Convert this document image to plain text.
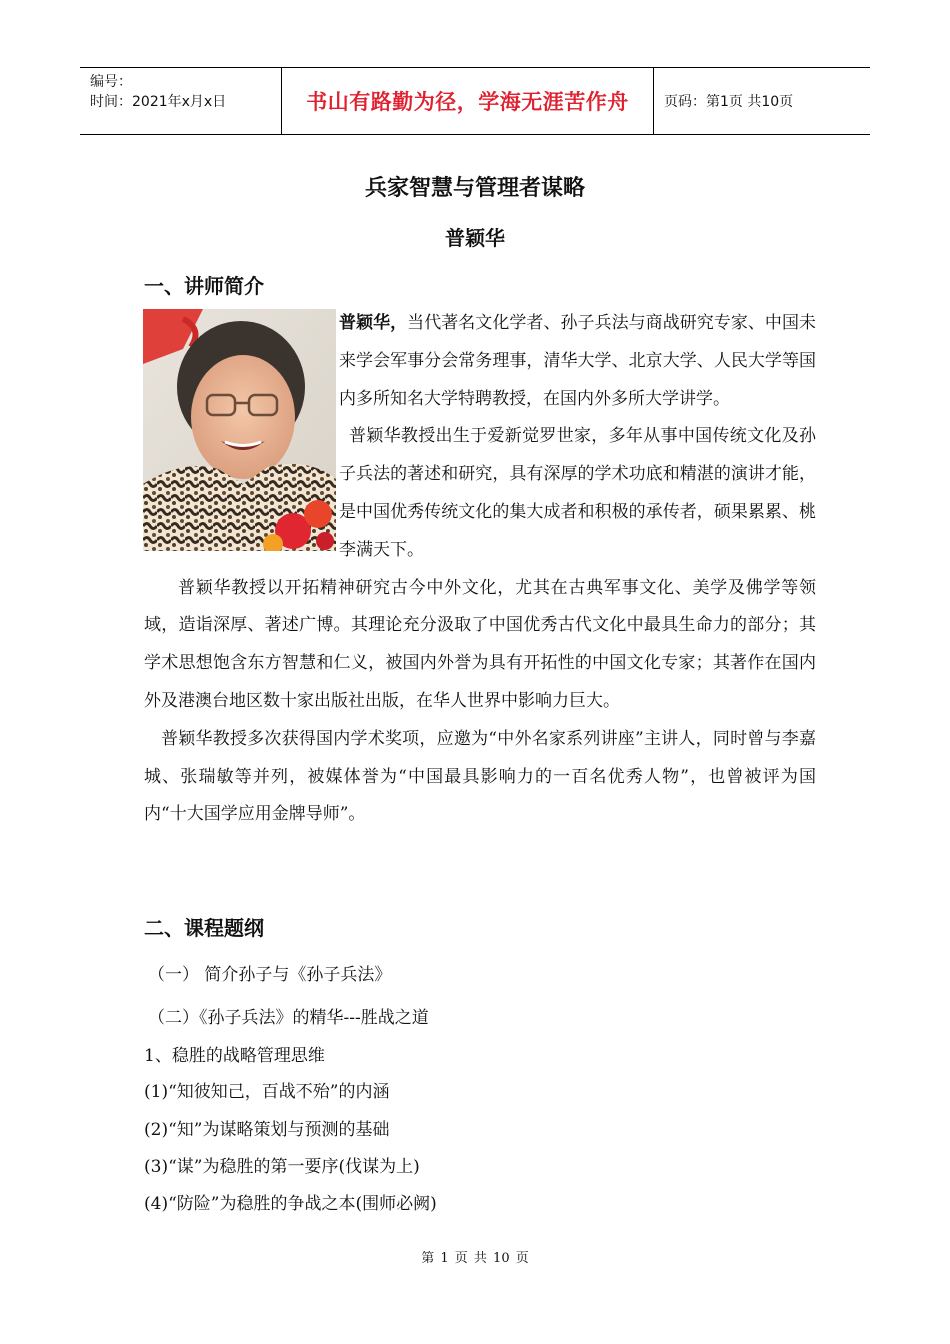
编号：
时间：2021年x月x日	书山有路勤为径，学海无涯苦作舟	页码：第1页 共10页
兵家智慧与管理者谋略
普颖华
一、讲师简介

普颖华，当代著名文化学者、孙子兵法与商战研究专家、中国未来学会军事分会常务理事，清华大学、北京大学、人民大学等国内多所知名大学特聘教授，在国内外多所大学讲学。

普颖华教授出生于爱新觉罗世家，多年从事中国传统文化及孙子兵法的著述和研究，具有深厚的学术功底和精湛的演讲才能，是中国优秀传统文化的集大成者和积极的承传者，硕果累累、桃李满天下。

普颖华教授以开拓精神研究古今中外文化，尤其在古典军事文化、美学及佛学等领域，造诣深厚、著述广博。其理论充分汲取了中国优秀古代文化中最具生命力的部分；其学术思想饱含东方智慧和仁义，被国内外誉为具有开拓性的中国文化专家；其著作在国内外及港澳台地区数十家出版社出版，在华人世界中影响力巨大。

普颖华教授多次获得国内学术奖项，应邀为“中外名家系列讲座”主讲人，同时曾与李嘉城、张瑞敏等并列，被媒体誉为“中国最具影响力的一百名优秀人物”，也曾被评为国内“十大国学应用金牌导师”。

二、课程题纲
（一） 简介孙子与《孙子兵法》
（二）《孙子兵法》的精华---胜战之道
1、稳胜的战略管理思维
(1)“知彼知己，百战不殆”的内涵
(2)“知”为谋略策划与预测的基础
(3)“谋”为稳胜的第一要序(伐谋为上)
(4)“防险”为稳胜的争战之本(围师必阙)
第 1 页 共 10 页
